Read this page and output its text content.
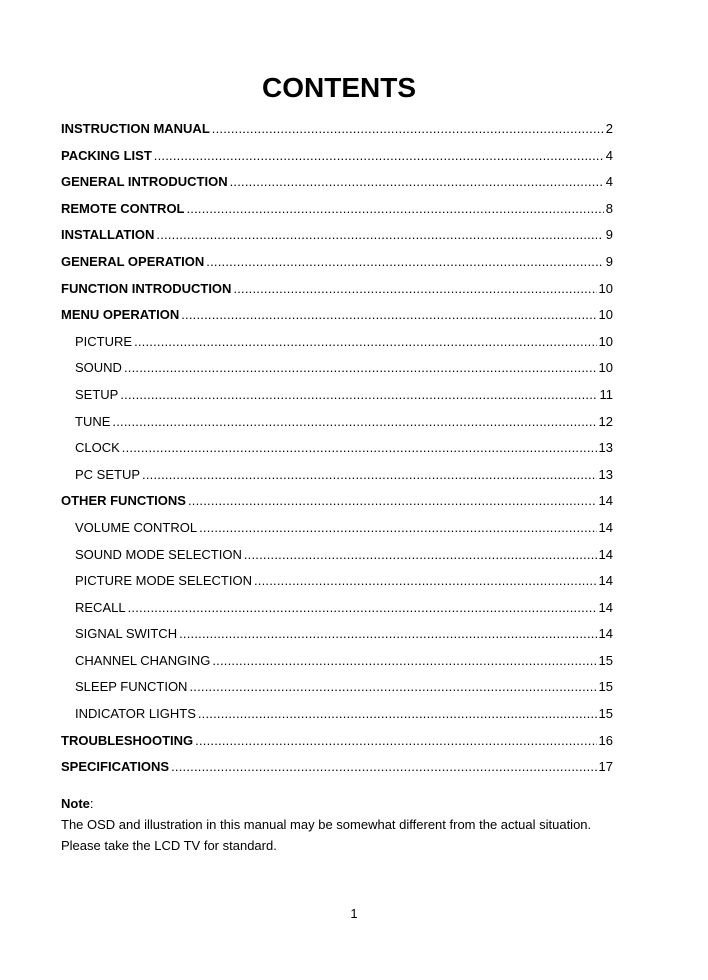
CONTENTS
INSTRUCTION MANUAL .....	2
PACKING LIST .....	4
GENERAL INTRODUCTION .....	4
REMOTE CONTROL .....	8
INSTALLATION .....	. 9
GENERAL OPERATION .....	9
FUNCTION INTRODUCTION .....	10
MENU OPERATION .....	10
PICTURE .....	10
SOUND .....	10
SETUP .....	11
TUNE .....	12
CLOCK .....	13
PC SETUP .....	13
OTHER FUNCTIONS .....	14
VOLUME CONTROL .....	14
SOUND MODE SELECTION .....	14
PICTURE MODE SELECTION .....	14
RECALL .....	14
SIGNAL SWITCH .....	14
CHANNEL CHANGING .....	15
SLEEP FUNCTION .....	15
INDICATOR LIGHTS .....	15
TROUBLESHOOTING .....	16
SPECIFICATIONS .....	17
Note:
The OSD and illustration in this manual may be somewhat different from the actual situation.
Please take the LCD TV for standard.
1
